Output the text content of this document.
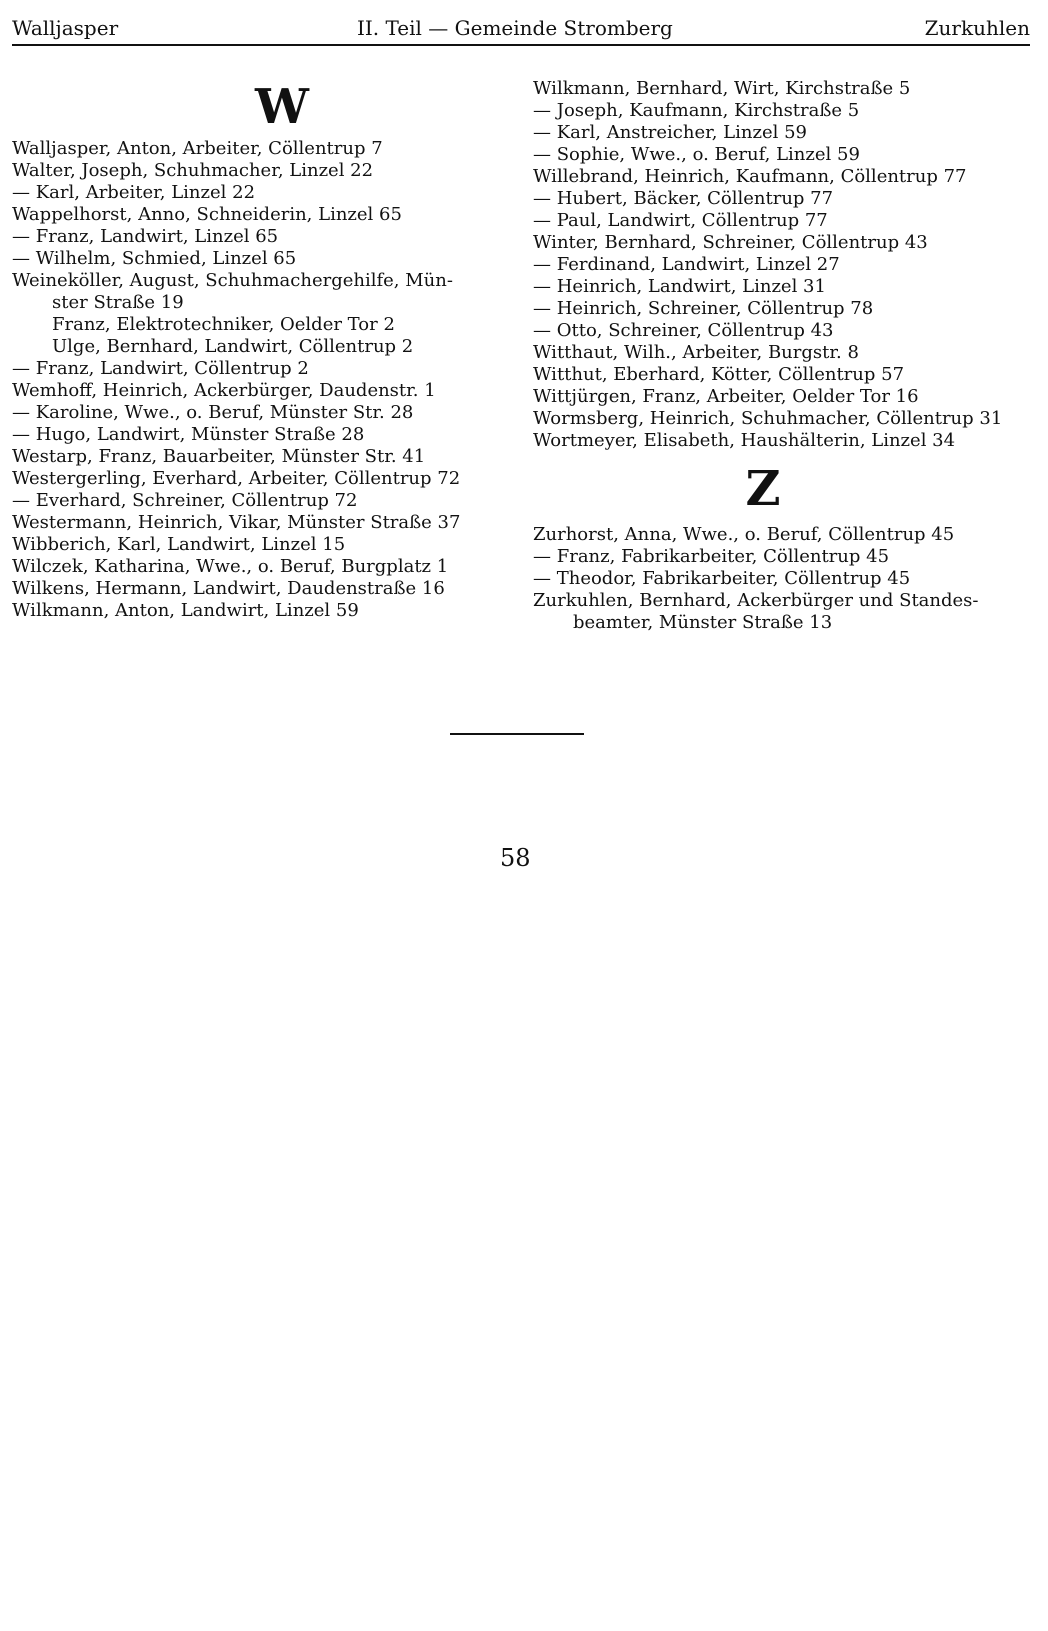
Walljasper	II. Teil — Gemeinde Stromberg	Zurkuhlen
W
Walljasper, Anton, Arbeiter, Cöllentrup 7
Walter, Joseph, Schuhmacher, Linzel 22
— Karl, Arbeiter, Linzel 22
Wappelhorst, Anno, Schneiderin, Linzel 65
— Franz, Landwirt, Linzel 65
— Wilhelm, Schmied, Linzel 65
Weineköller, August, Schuhmachergehilfe, Mün-
ster Straße 19
Franz, Elektrotechniker, Oelder Tor 2
Ulge, Bernhard, Landwirt, Cöllentrup 2
— Franz, Landwirt, Cöllentrup 2
Wemhoff, Heinrich, Ackerbürger, Daudenstr. 1
— Karoline, Wwe., o. Beruf, Münster Str. 28
— Hugo, Landwirt, Münster Straße 28
Westarp, Franz, Bauarbeiter, Münster Str. 41
Westergerling, Everhard, Arbeiter, Cöllentrup 72
— Everhard, Schreiner, Cöllentrup 72
Westermann, Heinrich, Vikar, Münster Straße 37
Wibberich, Karl, Landwirt, Linzel 15
Wilczek, Katharina, Wwe., o. Beruf, Burgplatz 1
Wilkens, Hermann, Landwirt, Daudenstraße 16
Wilkmann, Anton, Landwirt, Linzel 59
Wilkmann, Bernhard, Wirt, Kirchstraße 5
— Joseph, Kaufmann, Kirchstraße 5
— Karl, Anstreicher, Linzel 59
— Sophie, Wwe., o. Beruf, Linzel 59
Willebrand, Heinrich, Kaufmann, Cöllentrup 77
— Hubert, Bäcker, Cöllentrup 77
— Paul, Landwirt, Cöllentrup 77
Winter, Bernhard, Schreiner, Cöllentrup 43
— Ferdinand, Landwirt, Linzel 27
— Heinrich, Landwirt, Linzel 31
— Heinrich, Schreiner, Cöllentrup 78
— Otto, Schreiner, Cöllentrup 43
Witthaut, Wilh., Arbeiter, Burgstr. 8
Witthut, Eberhard, Kötter, Cöllentrup 57
Wittjürgen, Franz, Arbeiter, Oelder Tor 16
Wormsberg, Heinrich, Schuhmacher, Cöllentrup 31
Wortmeyer, Elisabeth, Haushälterin, Linzel 34
Z
Zurhorst, Anna, Wwe., o. Beruf, Cöllentrup 45
— Franz, Fabrikarbeiter, Cöllentrup 45
— Theodor, Fabrikarbeiter, Cöllentrup 45
Zurkuhlen, Bernhard, Ackerbürger und Standes-
beamter, Münster Straße 13
58
